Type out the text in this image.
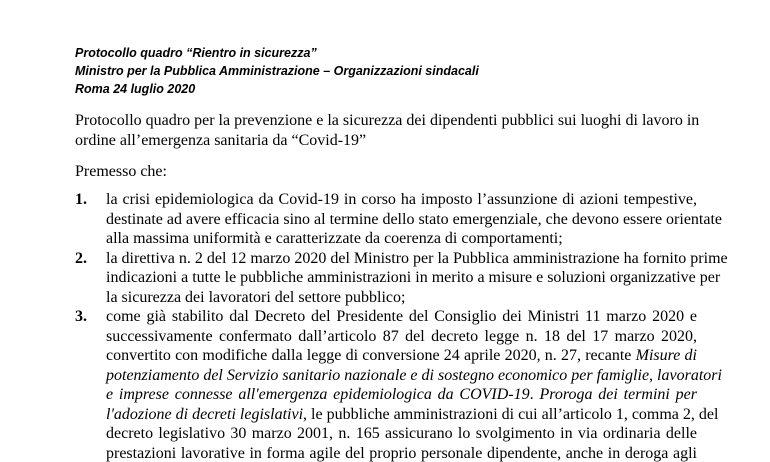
Protocollo quadro “Rientro in sicurezza”
Ministro per la Pubblica Amministrazione – Organizzazioni sindacali
Roma 24 luglio 2020
Protocollo quadro per la prevenzione e la sicurezza dei dipendenti pubblici sui luoghi di lavoro in
ordine all’emergenza sanitaria da “Covid-19”
Premesso che:
1. la crisi epidemiologica da Covid-19 in corso ha imposto l’assunzione di azioni tempestive,
destinate ad avere efficacia sino al termine dello stato emergenziale, che devono essere orientate
alla massima uniformità e caratterizzate da coerenza di comportamenti;
2. la direttiva n. 2 del 12 marzo 2020 del Ministro per la Pubblica amministrazione ha fornito prime
indicazioni a tutte le pubbliche amministrazioni in merito a misure e soluzioni organizzative per
la sicurezza dei lavoratori del settore pubblico;
3. come già stabilito dal Decreto del Presidente del Consiglio dei Ministri 11 marzo 2020 e
successivamente confermato dall’articolo 87 del decreto legge n. 18 del 17 marzo 2020,
convertito con modifiche dalla legge di conversione 24 aprile 2020, n. 27, recante Misure di
potenziamento del Servizio sanitario nazionale e di sostegno economico per famiglie, lavoratori
e imprese connesse all'emergenza epidemiologica da COVID-19. Proroga dei termini per
l'adozione di decreti legislativi, le pubbliche amministrazioni di cui all’articolo 1, comma 2, del
decreto legislativo 30 marzo 2001, n. 165 assicurano lo svolgimento in via ordinaria delle
prestazioni lavorative in forma agile del proprio personale dipendente, anche in deroga agli
